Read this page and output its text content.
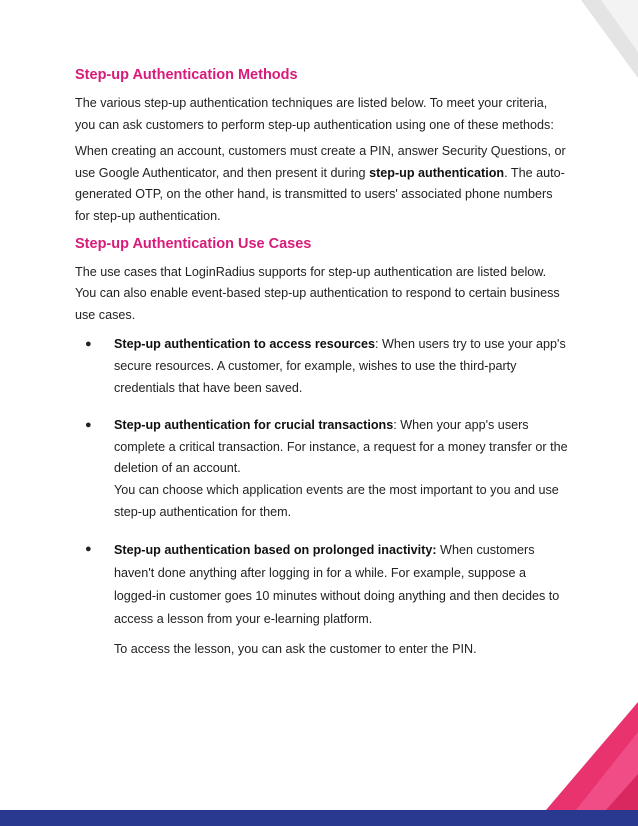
Step-up Authentication Methods

The various step-up authentication techniques are listed below. To meet your criteria, you can ask customers to perform step-up authentication using one of these methods:

When creating an account, customers must create a PIN, answer Security Questions, or use Google Authenticator, and then present it during step-up authentication. The auto-generated OTP, on the other hand, is transmitted to users' associated phone numbers for step-up authentication.

Step-up Authentication Use Cases

The use cases that LoginRadius supports for step-up authentication are listed below. You can also enable event-based step-up authentication to respond to certain business use cases.

● Step-up authentication to access resources: When users try to use your app's secure resources. A customer, for example, wishes to use the third-party credentials that have been saved.

● Step-up authentication for crucial transactions: When your app's users complete a critical transaction. For instance, a request for a money transfer or the deletion of an account.

You can choose which application events are the most important to you and use step-up authentication for them.

● Step-up authentication based on prolonged inactivity: When customers haven't done anything after logging in for a while. For example, suppose a logged-in customer goes 10 minutes without doing anything and then decides to access a lesson from your e-learning platform.

To access the lesson, you can ask the customer to enter the PIN.
